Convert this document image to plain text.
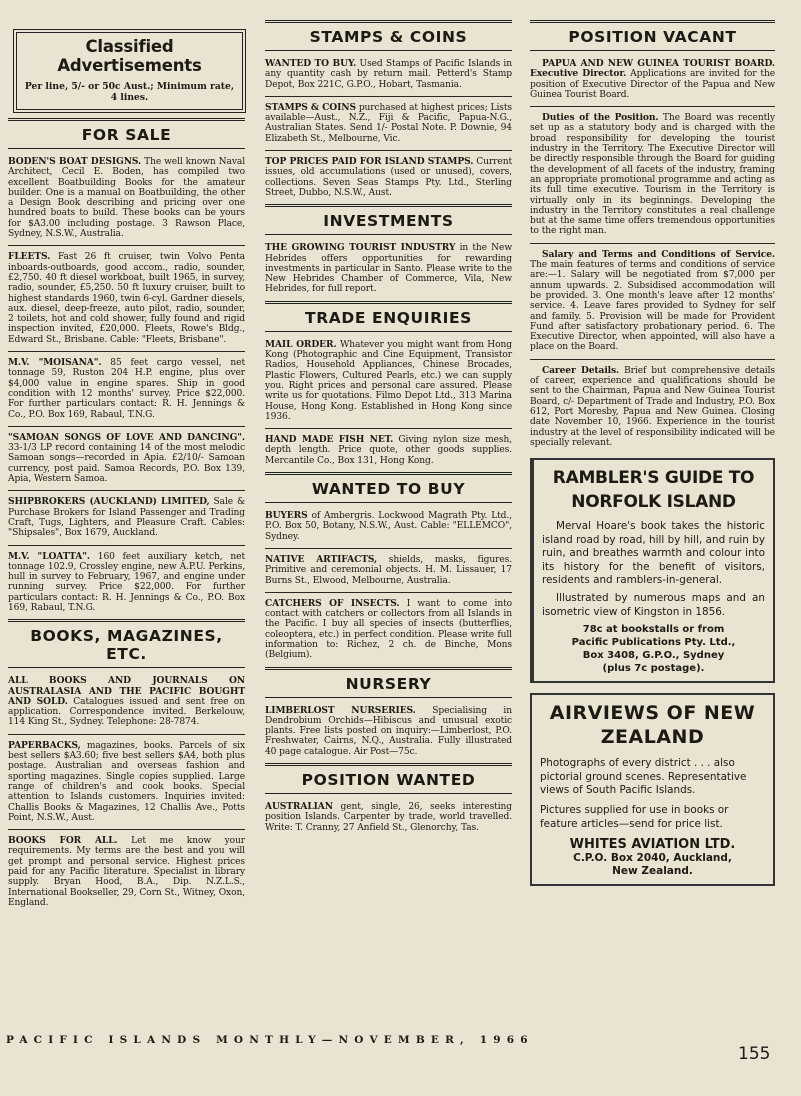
Classified Advertisements
Per line, 5/- or 50c Aust.; Minimum rate, 4 lines.
FOR SALE

BODEN'S BOAT DESIGNS. The well known Naval Architect, Cecil E. Boden, has compiled two excellent Boatbuilding Books for the amateur builder. One is a manual on Boatbuilding, the other a Design Book describing and pricing over one hundred boats to build. These books can be yours for $A3.00 including postage. 3 Rawson Place, Sydney, N.S.W., Australia.

FLEETS. Fast 26 ft cruiser, twin Volvo Penta inboards-outboards, good accom., radio, sounder, £2,750. 40 ft diesel workboat, built 1965, in survey, radio, sounder, £5,250. 50 ft luxury cruiser, built to highest standards 1960, twin 6-cyl. Gardner diesels, aux. diesel, deep-freeze, auto pilot, radio, sounder, 2 toilets, hot and cold shower, fully found and rigid inspection invited, £20,000. Fleets, Rowe's Bldg., Edward St., Brisbane. Cable: "Fleets, Brisbane".

M.V. "MOISANA". 85 feet cargo vessel, net tonnage 59, Ruston 204 H.P. engine, plus over $4,000 value in engine spares. Ship in good condition with 12 months' survey. Price $22,000. For further particulars contact: R. H. Jennings & Co., P.O. Box 169, Rabaul, T.N.G.

"SAMOAN SONGS OF LOVE AND DANCING". 33-1/3 LP record containing 14 of the most melodic Samoan songs—recorded in Apia. £2/10/- Samoan currency, post paid. Samoa Records, P.O. Box 139, Apia, Western Samoa.

SHIPBROKERS (AUCKLAND) LIMITED, Sale & Purchase Brokers for Island Passenger and Trading Craft, Tugs, Lighters, and Pleasure Craft. Cables: "Shipsales", Box 1679, Auckland.

M.V. "LOATTA". 160 feet auxiliary ketch, net tonnage 102.9, Crossley engine, new A.P.U. Perkins, hull in survey to February, 1967, and engine under running survey. Price $22,000. For further particulars contact: R. H. Jennings & Co., P.O. Box 169, Rabaul, T.N.G.

BOOKS, MAGAZINES, ETC.

ALL BOOKS AND JOURNALS ON AUSTRALASIA AND THE PACIFIC BOUGHT AND SOLD. Catalogues issued and sent free on application. Correspondence invited. Berkelouw, 114 King St., Sydney. Telephone: 28-7874.

PAPERBACKS, magazines, books. Parcels of six best sellers $A3.60; five best sellers $A4, both plus postage. Australian and overseas fashion and sporting magazines. Single copies supplied. Large range of children's and cook books. Special attention to Islands customers. Inquiries invited: Challis Books & Magazines, 12 Challis Ave., Potts Point, N.S.W., Aust.

BOOKS FOR ALL. Let me know your requirements. My terms are the best and you will get prompt and personal service. Highest prices paid for any Pacific literature. Specialist in library supply. Bryan Hood, B.A., Dip. N.Z.L.S., International Bookseller, 29, Corn St., Witney, Oxon, England.

STAMPS & COINS

WANTED TO BUY. Used Stamps of Pacific Islands in any quantity cash by return mail. Petterd's Stamp Depot, Box 221C, G.P.O., Hobart, Tasmania.

STAMPS & COINS purchased at highest prices; Lists available—Aust., N.Z., Fiji & Pacific, Papua-N.G., Australian States. Send 1/- Postal Note. P. Downie, 94 Elizabeth St., Melbourne, Vic.

TOP PRICES PAID FOR ISLAND STAMPS. Current issues, old accumulations (used or unused), covers, collections. Seven Seas Stamps Pty. Ltd., Sterling Street, Dubbo, N.S.W., Aust.

INVESTMENTS

THE GROWING TOURIST INDUSTRY in the New Hebrides offers opportunities for rewarding investments in particular in Santo. Please write to the New Hebrides Chamber of Commerce, Vila, New Hebrides, for full report.

TRADE ENQUIRIES

MAIL ORDER. Whatever you might want from Hong Kong (Photographic and Cine Equipment, Transistor Radios, Household Appliances, Chinese Brocades, Plastic Flowers, Cultured Pearls, etc.) we can supply you. Right prices and personal care assured. Please write us for quotations. Filmo Depot Ltd., 313 Marina House, Hong Kong. Established in Hong Kong since 1936.

HAND MADE FISH NET. Giving nylon size mesh, depth length. Price quote, other goods supplies. Mercantile Co., Box 131, Hong Kong.

WANTED TO BUY

BUYERS of Ambergris. Lockwood Magrath Pty. Ltd., P.O. Box 50, Botany, N.S.W., Aust. Cable: "ELLEMCO", Sydney.

NATIVE ARTIFACTS, shields, masks, figures. Primitive and ceremonial objects. H. M. Lissauer, 17 Burns St., Elwood, Melbourne, Australia.

CATCHERS OF INSECTS. I want to come into contact with catchers or collectors from all Islands in the Pacific. I buy all species of insects (butterflies, coleoptera, etc.) in perfect condition. Please write full information to: Richez, 2 ch. de Binche, Mons (Belgium).

NURSERY

LIMBERLOST NURSERIES. Specialising in Dendrobium Orchids—Hibiscus and unusual exotic plants. Free lists posted on inquiry:—Limberlost, P.O. Freshwater, Cairns, N.Q., Australia. Fully illustrated 40 page catalogue. Air Post—75c.

POSITION WANTED

AUSTRALIAN gent, single, 26, seeks interesting position Islands. Carpenter by trade, world travelled. Write: T. Cranny, 27 Anfield St., Glenorchy, Tas.

POSITION VACANT

PAPUA AND NEW GUINEA TOURIST BOARD. Executive Director. Applications are invited for the position of Executive Director of the Papua and New Guinea Tourist Board.

Duties of the Position. The Board was recently set up as a statutory body and is charged with the broad responsibility for developing the tourist industry in the Territory. The Executive Director will be directly responsible through the Board for guiding the development of all facets of the industry, framing an appropriate promotional programme and acting as its full time executive. Tourism in the Territory is virtually only in its beginnings. Developing the industry in the Territory constitutes a real challenge but at the same time offers tremendous opportunities to the right man.

Salary and Terms and Conditions of Service. The main features of terms and conditions of service are:—1. Salary will be negotiated from $7,000 per annum upwards. 2. Subsidised accommodation will be provided. 3. One month's leave after 12 months' service. 4. Leave fares provided to Sydney for self and family. 5. Provision will be made for Provident Fund after satisfactory probationary period. 6. The Executive Director, when appointed, will also have a place on the Board.

Career Details. Brief but comprehensive details of career, experience and qualifications should be sent to the Chairman, Papua and New Guinea Tourist Board, c/- Department of Trade and Industry, P.O. Box 612, Port Moresby, Papua and New Guinea. Closing date November 10, 1966. Experience in the tourist industry at the level of responsibility indicated will be specially relevant.

RAMBLER'S GUIDE TO NORFOLK ISLAND

Merval Hoare's book takes the historic island road by road, hill by hill, and ruin by ruin, and breathes warmth and colour into its history for the benefit of visitors, residents and ramblers-in-general.

Illustrated by numerous maps and an isometric view of Kingston in 1856.

78c at bookstalls or from
Pacific Publications Pty. Ltd.,
Box 3408, G.P.O., Sydney
(plus 7c postage).
AIRVIEWS OF NEW ZEALAND

Photographs of every district . . . also pictorial ground scenes. Representative views of South Pacific Islands.

Pictures supplied for use in books or feature articles—send for price list.

WHITES AVIATION LTD.
C.P.O. Box 2040, Auckland,
New Zealand.
PACIFIC ISLANDS MONTHLY—NOVEMBER, 1966
155
